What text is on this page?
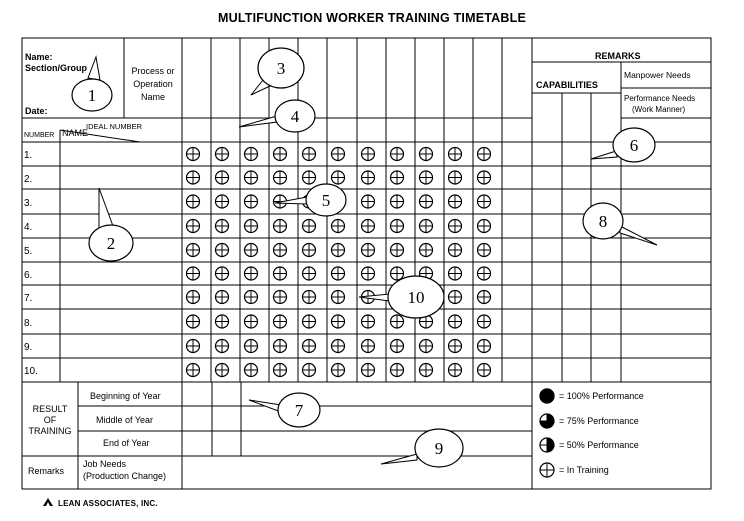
MULTIFUNCTION WORKER TRAINING TIMETABLE
1
2
3
4
5
6
7
8
9
10
Name:
Section/Group
Date:
Process or
Operation
Name
IDEAL NUMBER
NUMBER NAME
REMARKS
CAPABILITIES
Manpower Needs
Performance Needs
(Work Manner)
1.
2.
3.
4.
5.
6.
7.
8.
9.
10.
RESULT
OF
TRAINING
Beginning of Year
Middle of Year
End of Year
Remarks
Job Needs
(Production Change)
= 100% Performance
= 75% Performance
= 50% Performance
= In Training
LEAN ASSOCIATES, INC.
